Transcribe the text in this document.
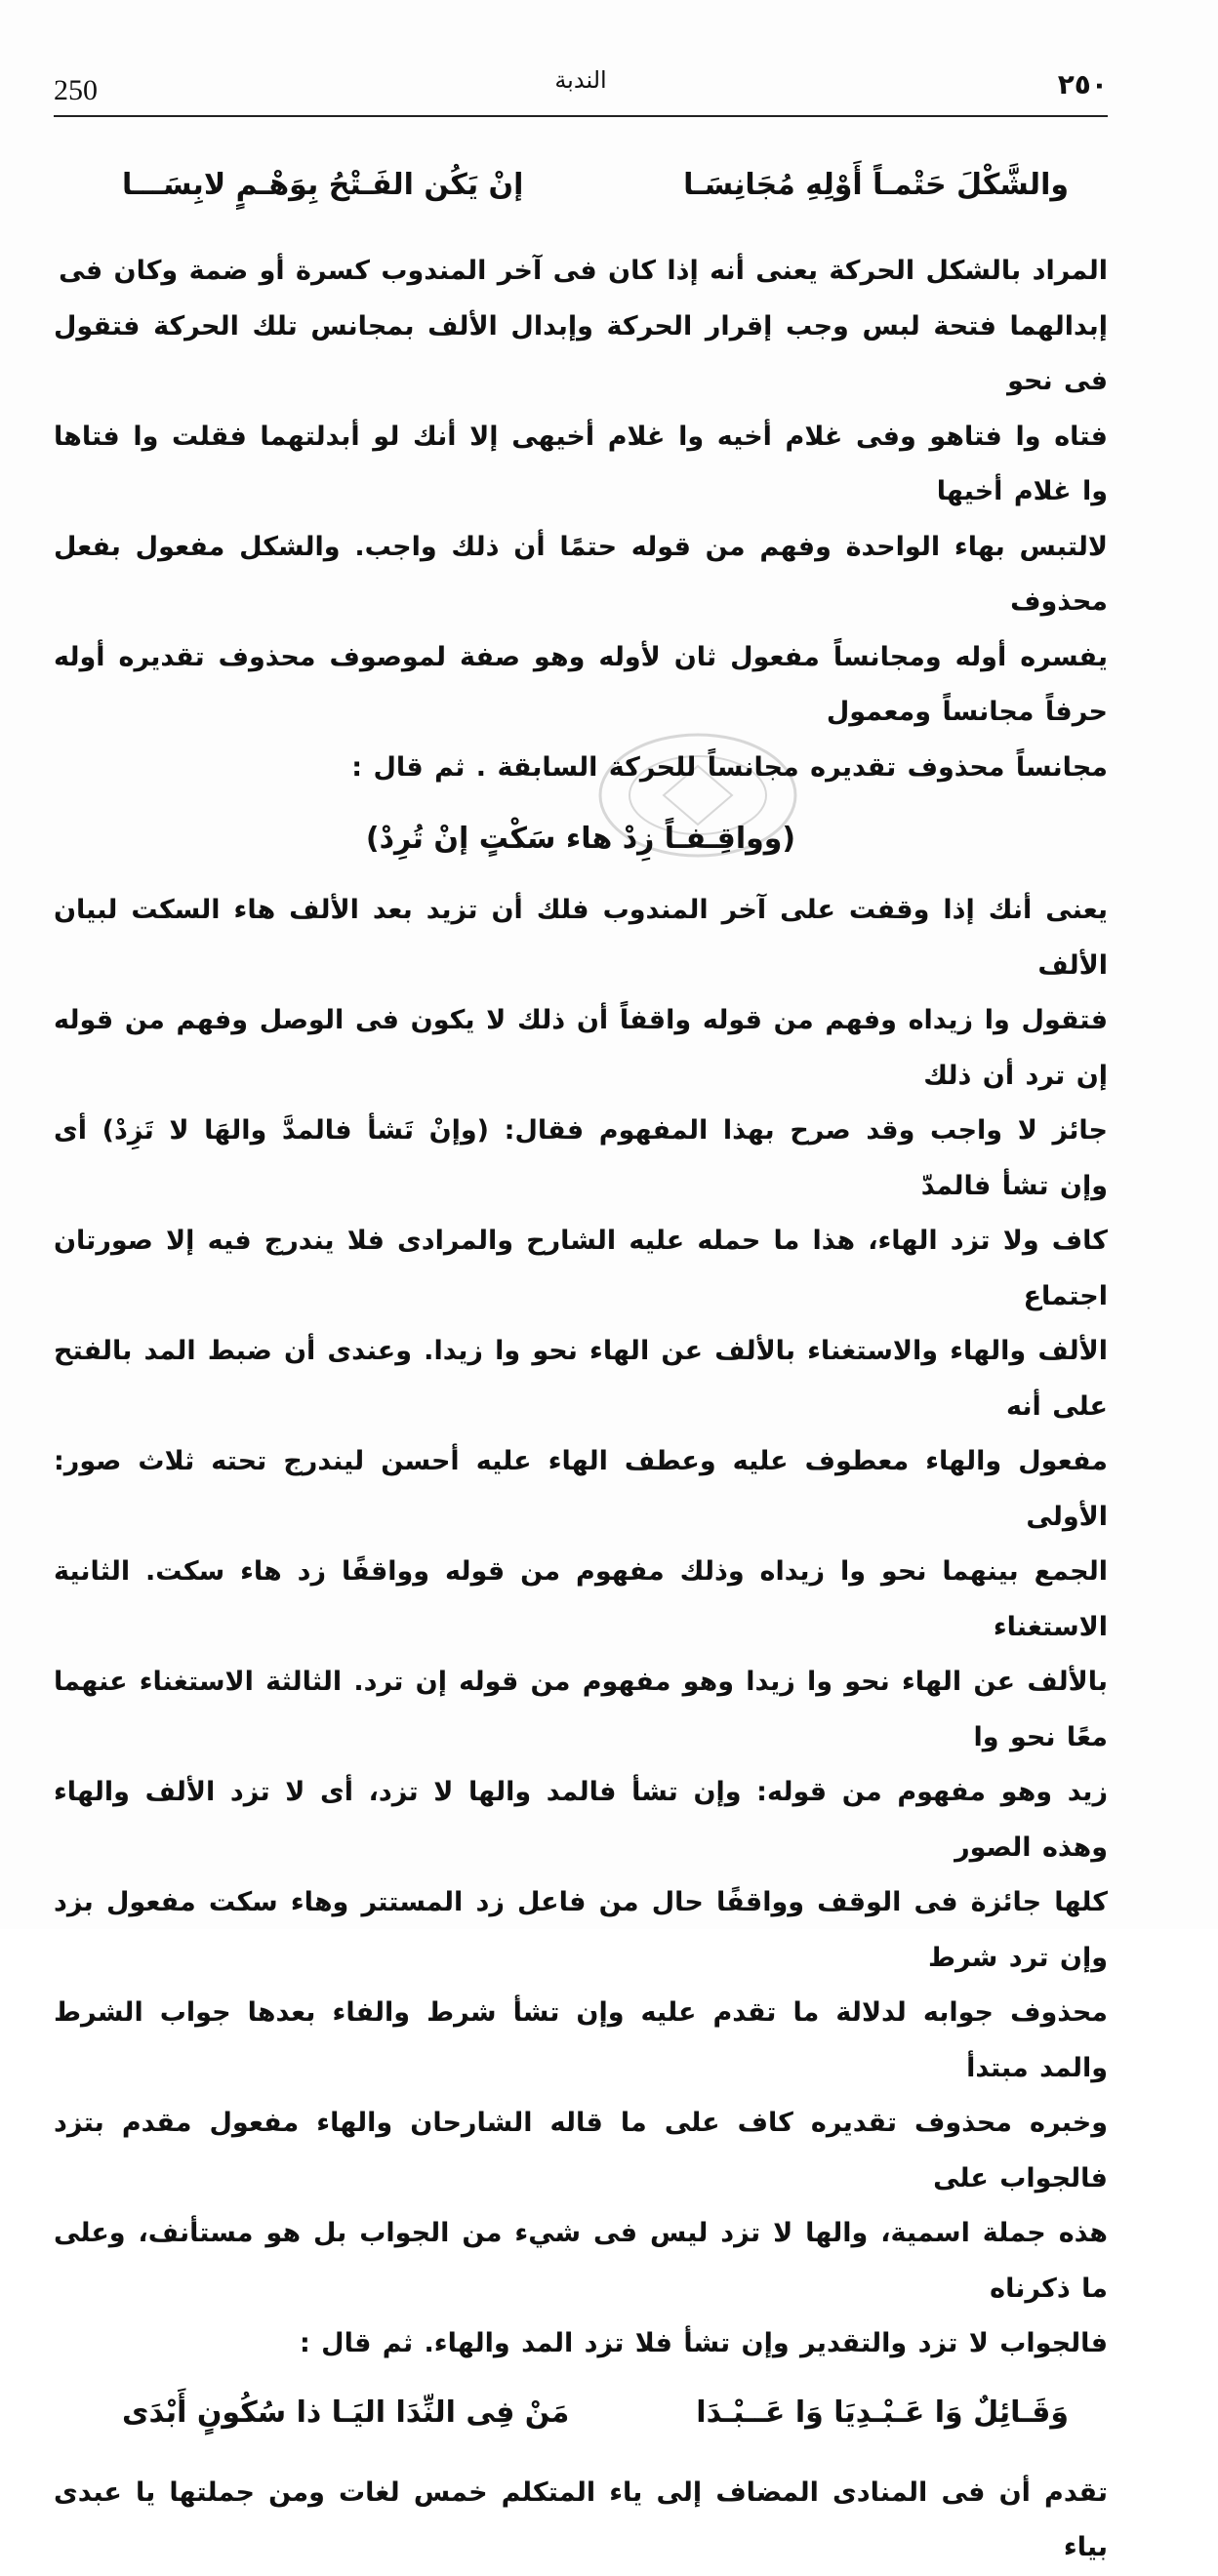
250	الندبة	٢٥٠
والشَّكْلَ حَتْمـاً أَوْلِهِ مُجَانِسَـا
إنْ يَكُن الفَـتْحُ بِوَهْـمٍ لابِسَـــا

المراد بالشكل الحركة يعنى أنه إذا كان فى آخر المندوب كسرة أو ضمة وكان فى

إبدالهما فتحة لبس وجب إقرار الحركة وإبدال الألف بمجانس تلك الحركة فتقول فى نحو

فتاه وا فتاهو وفى غلام أخيه وا غلام أخيهى إلا أنك لو أبدلتهما فقلت وا فتاها وا غلام أخيها

لالتبس بهاء الواحدة وفهم من قوله حتمًا أن ذلك واجب. والشكل مفعول بفعل محذوف

يفسره أوله ومجانساً مفعول ثان لأوله وهو صفة لموصوف محذوف تقديره أوله حرفاً مجانساً ومعمول

مجانساً محذوف تقديره مجانساً للحركة السابقة . ثم قال :

(وواقِـفـاً زِدْ هاء سَكْتٍ إنْ تُرِدْ)

يعنى أنك إذا وقفت على آخر المندوب فلك أن تزيد بعد الألف هاء السكت لبيان الألف

فتقول وا زيداه وفهم من قوله واقفاً أن ذلك لا يكون فى الوصل وفهم من قوله إن ترد أن ذلك

جائز لا واجب وقد صرح بهذا المفهوم فقال: (وإنْ تَشأ فالمدَّ والهَا لا تَزِدْ) أى وإن تشأ فالمدّ

كاف ولا تزد الهاء، هذا ما حمله عليه الشارح والمرادى فلا يندرج فيه إلا صورتان اجتماع

الألف والهاء والاستغناء بالألف عن الهاء نحو وا زيدا. وعندى أن ضبط المد بالفتح على أنه

مفعول والهاء معطوف عليه وعطف الهاء عليه أحسن ليندرج تحته ثلاث صور: الأولى

الجمع بينهما نحو وا زيداه وذلك مفهوم من قوله وواقفًا زد هاء سكت. الثانية الاستغناء

بالألف عن الهاء نحو وا زيدا وهو مفهوم من قوله إن ترد. الثالثة الاستغناء عنهما معًا نحو وا

زيد وهو مفهوم من قوله: وإن تشأ فالمد والها لا تزد، أى لا تزد الألف والهاء وهذه الصور

كلها جائزة فى الوقف وواقفًا حال من فاعل زد المستتر وهاء سكت مفعول بزد وإن ترد شرط

محذوف جوابه لدلالة ما تقدم عليه وإن تشأ شرط والفاء بعدها جواب الشرط والمد مبتدأ

وخبره محذوف تقديره كاف على ما قاله الشارحان والهاء مفعول مقدم بتزد فالجواب على

هذه جملة اسمية، والها لا تزد ليس فى شيء من الجواب بل هو مستأنف، وعلى ما ذكرناه

فالجواب لا تزد والتقدير وإن تشأ فلا تزد المد والهاء. ثم قال :

وَقَـائِلٌ وَا عَـبْـدِيَا وَا عَــبْـدَا
مَنْ فِى النِّدَا اليَـا ذا سُكُونٍ أَبْدَى

تقدم أن فى المنادى المضاف إلى ياء المتكلم خمس لغات ومن جملتها يا عبدى بياء
